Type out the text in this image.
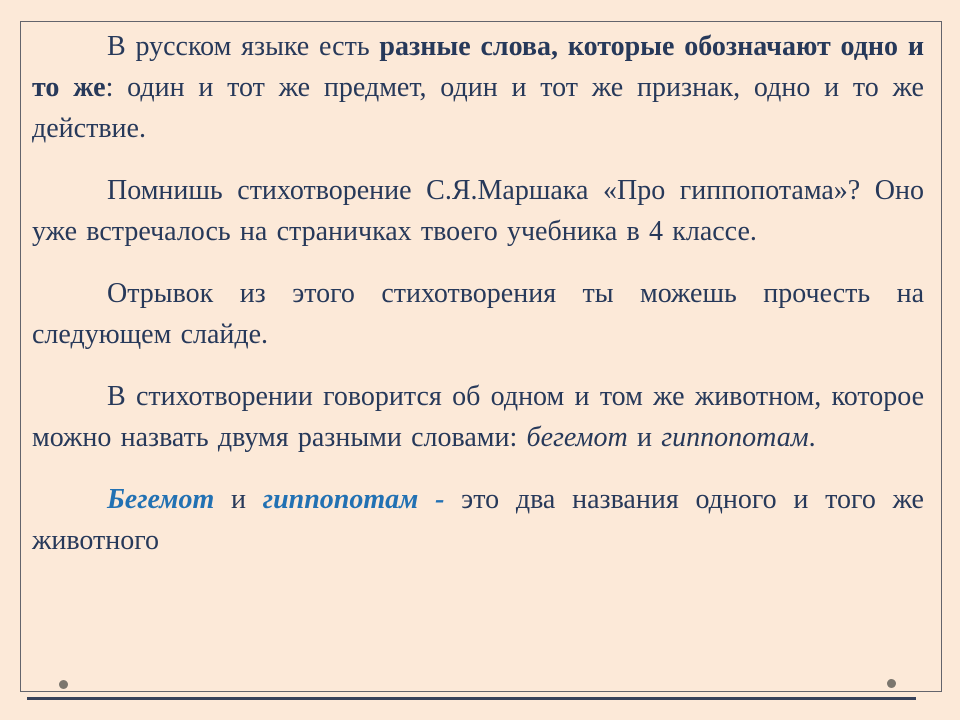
В русском языке есть разные слова, которые обозначают одно и то же: один и тот же предмет, один и тот же признак, одно и то же действие.

Помнишь стихотворение С.Я.Маршака «Про гиппопотама»? Оно уже встречалось на страничках твоего учебника в 4 классе.

Отрывок из этого стихотворения ты можешь прочесть на следующем слайде.

В стихотворении говорится об одном и том же животном, которое можно назвать двумя разными словами: бегемот и гиппопотам.

Бегемот и гиппопотам - это два названия одного и того же животного
